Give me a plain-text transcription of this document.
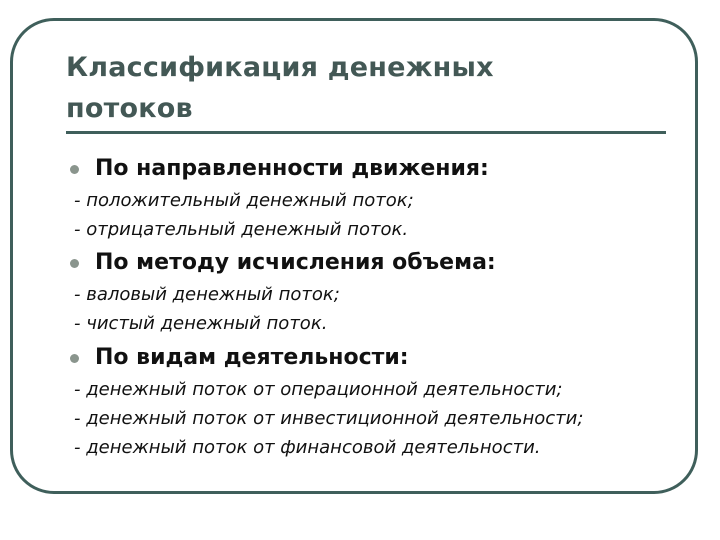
Классификация денежных потоков
По направленности движения:
- положительный денежный поток;
- отрицательный денежный поток.
По методу исчисления объема:
- валовый денежный поток;
- чистый денежный поток.
По видам деятельности:
- денежный поток от операционной деятельности;
- денежный поток от инвестиционной деятельности;
- денежный поток от финансовой деятельности.
